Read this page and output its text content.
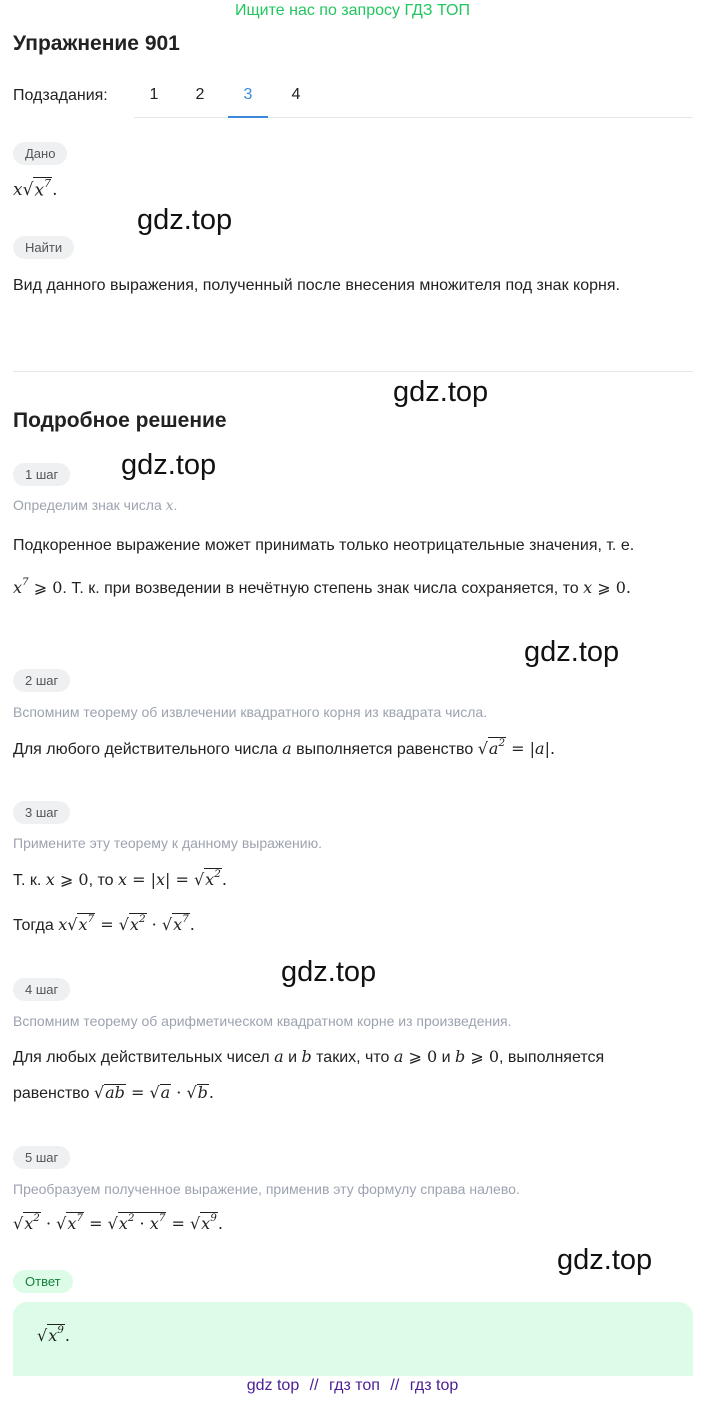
Ищите нас по запросу ГДЗ ТОП
Упражнение 901
Подзадания:	1	2	3	4
Дано
$x√x^7$.
Найти
Вид данного выражения, полученный после внесения множителя под знак корня.
Подробное решение
1 шаг
Определим знак числа x.
Подкоренное выражение может принимать только неотрицательные значения, т. е. $x^7$ ⩾ 0. Т. к. при возведении в нечётную степень знак числа сохраняется, то x ⩾ 0.
2 шаг
Вспомним теорему об извлечении квадратного корня из квадрата числа.
Для любого действительного числа a выполняется равенство $√a^2 = |a|$.
3 шаг
Примените эту теорему к данному выражению.
Т. к. x ⩾ 0, то $x = |x| = √x^2$.
Тогда $x√x^7 = √x^2 \cdot √x^7$.
4 шаг
Вспомним теорему об арифметическом квадратном корне из произведения.
Для любых действительных чисел a и b таких, что a ⩾ 0 и b ⩾ 0, выполняется
равенство √ab = √a · √b.
5 шаг
Преобразуем полученное выражение, применив эту формулу справа налево.
$√x^2 \cdot √x^7 = √x^2 \cdot x^7 = √x^9$.
Ответ
$√x^9$.
gdz.top
gdz.top
gdz.top
gdz.top
gdz.top
gdz.top
gdz top // гдз топ // гдз top
